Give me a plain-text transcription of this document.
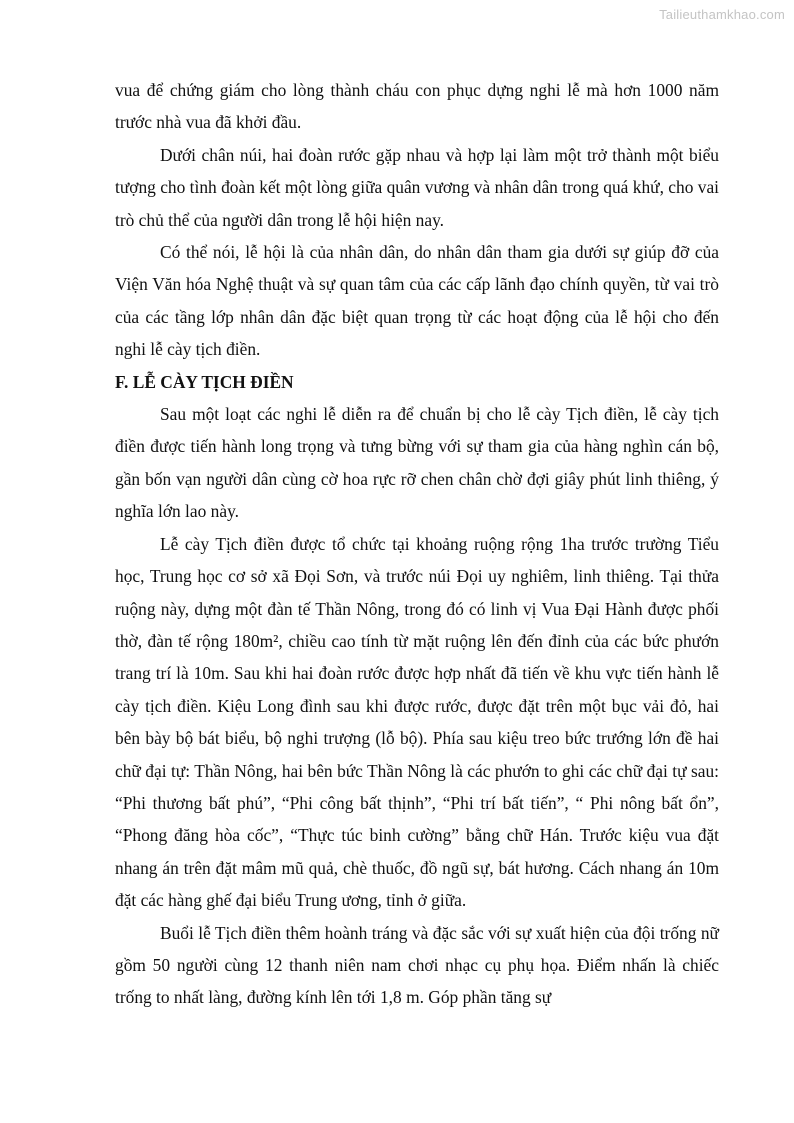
Tailieuthamkhao.com

vua để chứng giám cho lòng thành cháu con phục dựng nghi lễ mà hơn 1000 năm trước nhà vua đã khởi đầu.

Dưới chân núi, hai đoàn rước gặp nhau và hợp lại làm một trở thành một biểu tượng cho tình đoàn kết một lòng giữa quân vương và nhân dân trong quá khứ, cho vai trò chủ thể của người dân trong lễ hội hiện nay.

Có thể nói, lễ hội là của nhân dân, do nhân dân tham gia dưới sự giúp đỡ của Viện Văn hóa Nghệ thuật và sự quan tâm của các cấp lãnh đạo chính quyền, từ vai trò của các tầng lớp nhân dân đặc biệt quan trọng từ các hoạt động của lễ hội cho đến nghi lễ cày tịch điền.

F. LỄ CÀY TỊCH ĐIỀN

Sau một loạt các nghi lễ diễn ra để chuẩn bị cho lễ cày Tịch điền, lễ cày tịch điền được tiến hành long trọng và tưng bừng với sự tham gia của hàng nghìn cán bộ, gần bốn vạn người dân cùng cờ hoa rực rỡ chen chân chờ đợi giây phút linh thiêng, ý nghĩa lớn lao này.

Lễ cày Tịch điền được tổ chức tại khoảng ruộng rộng 1ha trước trường Tiểu học, Trung học cơ sở xã Đọi Sơn, và trước núi Đọi uy nghiêm, linh thiêng. Tại thửa ruộng này, dựng một đàn tế Thần Nông, trong đó có linh vị Vua Đại Hành được phối thờ, đàn tế rộng 180m², chiều cao tính từ mặt ruộng lên đến đỉnh của các bức phướn trang trí là 10m. Sau khi hai đoàn rước được hợp nhất đã tiến về khu vực tiến hành lễ cày tịch điền. Kiệu Long đình sau khi được rước, được đặt trên một bục vải đỏ, hai bên bày bộ bát biểu, bộ nghi trượng (lỗ bộ). Phía sau kiệu treo bức trướng lớn đề hai chữ đại tự: Thần Nông, hai bên bức Thần Nông là các phướn to ghi các chữ đại tự sau: “Phi thương bất phú”, “Phi công bất thịnh”, “Phi trí bất tiến”, “ Phi nông bất ổn”, “Phong đăng hòa cốc”, “Thực túc binh cường” bằng chữ Hán. Trước kiệu vua đặt nhang án trên đặt mâm mũ quả, chè thuốc, đồ ngũ sự, bát hương. Cách nhang án 10m đặt các hàng ghế đại biểu Trung ương, tỉnh ở giữa.

Buổi lễ Tịch điền thêm hoành tráng và đặc sắc với sự xuất hiện của đội trống nữ gồm 50 người cùng 12 thanh niên nam chơi nhạc cụ phụ họa. Điểm nhấn là chiếc trống to nhất làng, đường kính lên tới 1,8 m. Góp phần tăng sự
